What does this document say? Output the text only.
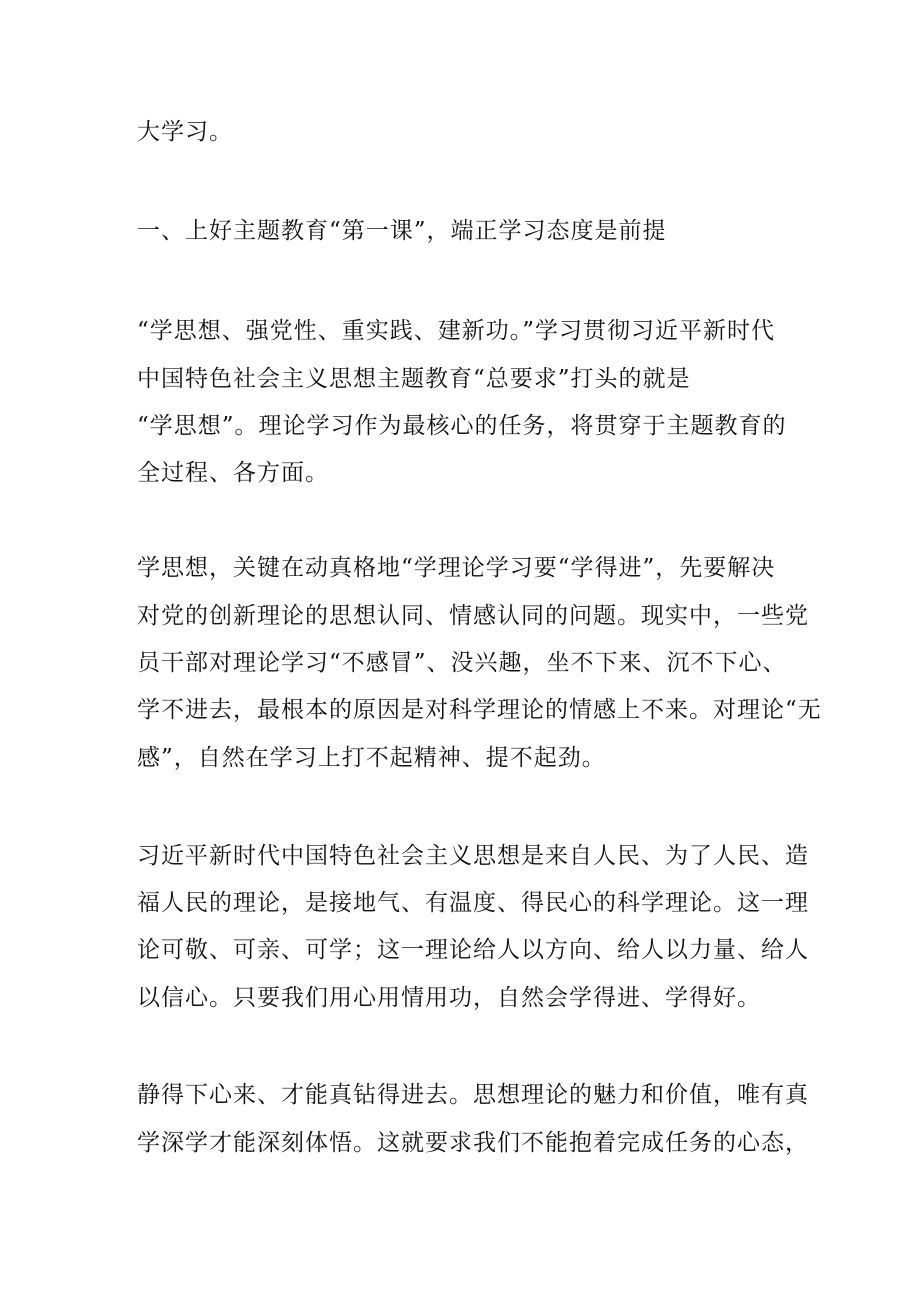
大学习。
一、上好主题教育“第一课”，端正学习态度是前提
“学思想、强党性、重实践、建新功。”学习贯彻习近平新时代
中国特色社会主义思想主题教育“总要求”打头的就是
“学思想”。理论学习作为最核心的任务，将贯穿于主题教育的
全过程、各方面。
学思想，关键在动真格地“学理论学习要“学得进”，先要解决
对党的创新理论的思想认同、情感认同的问题。现实中，一些党
员干部对理论学习“不感冒”、没兴趣，坐不下来、沉不下心、
学不进去，最根本的原因是对科学理论的情感上不来。对理论“无
感”，自然在学习上打不起精神、提不起劲。
习近平新时代中国特色社会主义思想是来自人民、为了人民、造
福人民的理论，是接地气、有温度、得民心的科学理论。这一理
论可敬、可亲、可学；这一理论给人以方向、给人以力量、给人
以信心。只要我们用心用情用功，自然会学得进、学得好。
静得下心来、才能真钻得进去。思想理论的魅力和价值，唯有真
学深学才能深刻体悟。这就要求我们不能抱着完成任务的心态，
